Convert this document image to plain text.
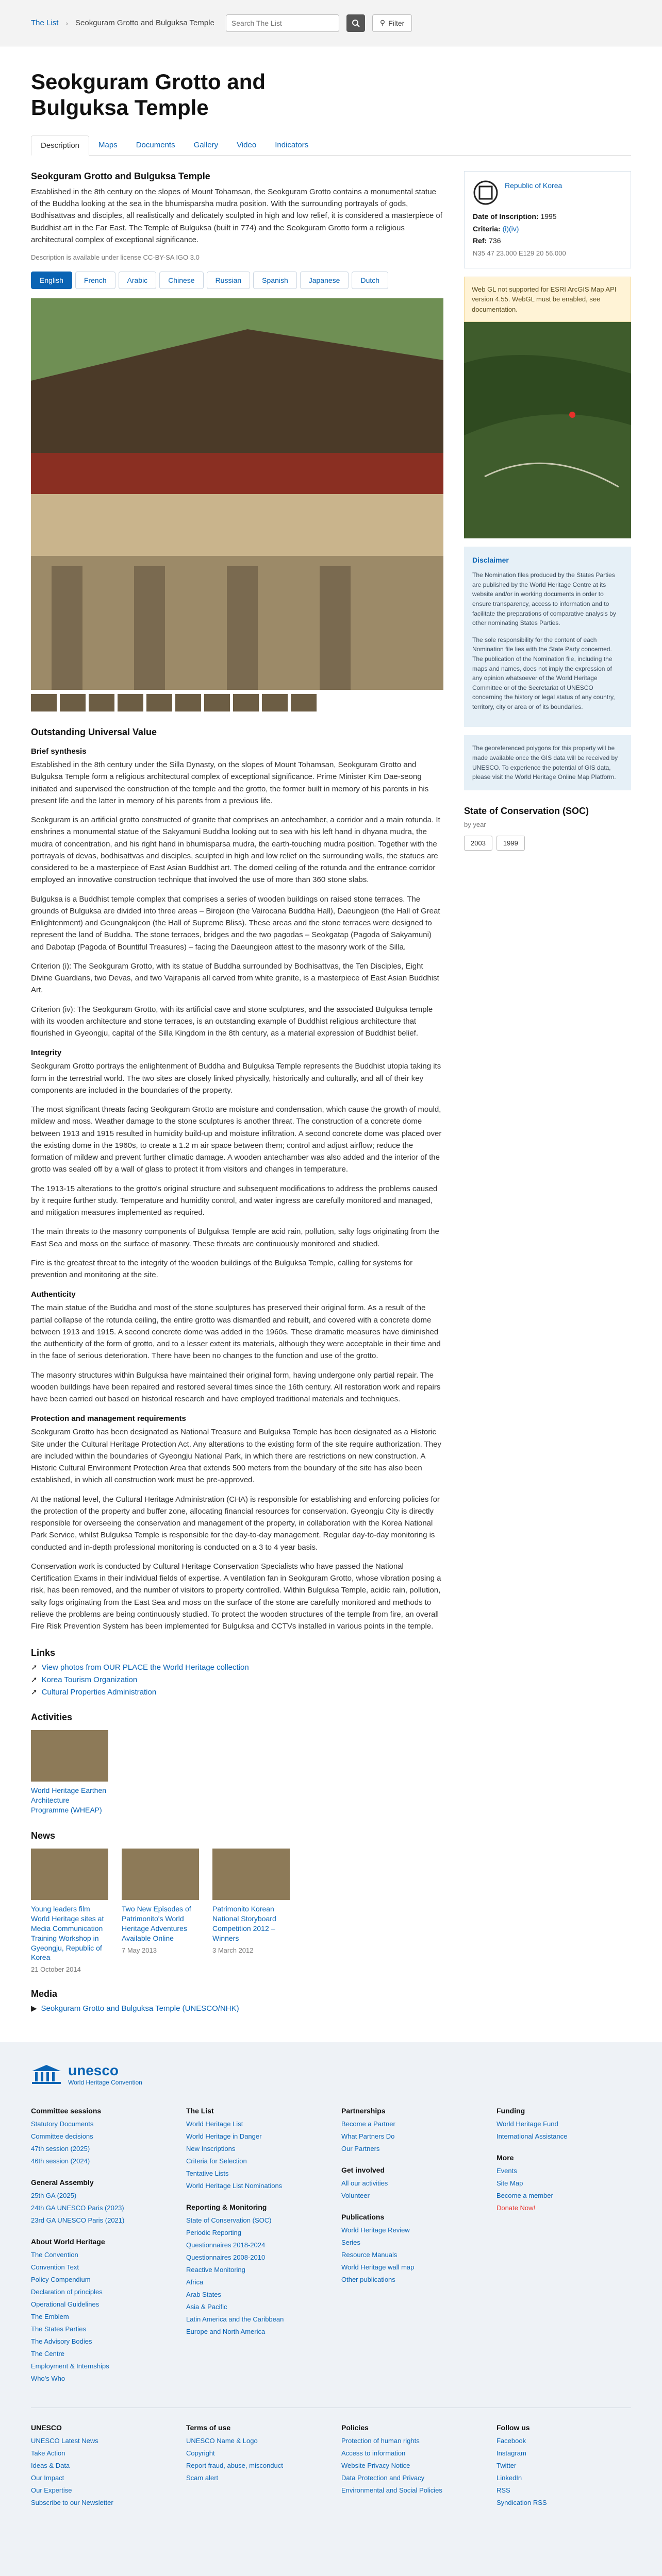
The List › Seokguram Grotto and Bulguksa Temple Search The List	⚲ Filter
Seokguram Grotto and Bulguksa Temple
Description	Maps	Documents	Gallery	Video	Indicators
Seokguram Grotto and Bulguksa Temple

Established in the 8th century on the slopes of Mount Tohamsan, the Seokguram Grotto contains a monumental statue of the Buddha looking at the sea in the bhumisparsha mudra position. With the surrounding portrayals of gods, Bodhisattvas and disciples, all realistically and delicately sculpted in high and low relief, it is considered a masterpiece of Buddhist art in the Far East. The Temple of Bulguksa (built in 774) and the Seokguram Grotto form a religious architectural complex of exceptional significance.

Description is available under license CC-BY-SA IGO 3.0
English	French	Arabic	Chinese	Russian	Spanish	Japanese	Dutch
Outstanding Universal Value
Brief synthesis

Established in the 8th century under the Silla Dynasty, on the slopes of Mount Tohamsan, Seokguram Grotto and Bulguksa Temple form a religious architectural complex of exceptional significance. Prime Minister Kim Dae-seong initiated and supervised the construction of the temple and the grotto, the former built in memory of his parents in his present life and the latter in memory of his parents from a previous life.

Seokguram is an artificial grotto constructed of granite that comprises an antechamber, a corridor and a main rotunda. It enshrines a monumental statue of the Sakyamuni Buddha looking out to sea with his left hand in dhyana mudra, the mudra of concentration, and his right hand in bhumisparsa mudra, the earth-touching mudra position. Together with the portrayals of devas, bodhisattvas and disciples, sculpted in high and low relief on the surrounding walls, the statues are considered to be a masterpiece of East Asian Buddhist art. The domed ceiling of the rotunda and the entrance corridor employed an innovative construction technique that involved the use of more than 360 stone slabs.

Bulguksa is a Buddhist temple complex that comprises a series of wooden buildings on raised stone terraces. The grounds of Bulguksa are divided into three areas – Birojeon (the Vairocana Buddha Hall), Daeungjeon (the Hall of Great Enlightenment) and Geungnakjeon (the Hall of Supreme Bliss). These areas and the stone terraces were designed to represent the land of Buddha. The stone terraces, bridges and the two pagodas – Seokgatap (Pagoda of Sakyamuni) and Dabotap (Pagoda of Bountiful Treasures) – facing the Daeungjeon attest to the masonry work of the Silla.

Criterion (i): The Seokguram Grotto, with its statue of Buddha surrounded by Bodhisattvas, the Ten Disciples, Eight Divine Guardians, two Devas, and two Vajrapanis all carved from white granite, is a masterpiece of East Asian Buddhist Art.

Criterion (iv): The Seokguram Grotto, with its artificial cave and stone sculptures, and the associated Bulguksa temple with its wooden architecture and stone terraces, is an outstanding example of Buddhist religious architecture that flourished in Gyeongju, capital of the Silla Kingdom in the 8th century, as a material expression of Buddhist belief.

Integrity

Seokguram Grotto portrays the enlightenment of Buddha and Bulguksa Temple represents the Buddhist utopia taking its form in the terrestrial world. The two sites are closely linked physically, historically and culturally, and all of their key components are included in the boundaries of the property.

The most significant threats facing Seokguram Grotto are moisture and condensation, which cause the growth of mould, mildew and moss. Weather damage to the stone sculptures is another threat. The construction of a concrete dome between 1913 and 1915 resulted in humidity build-up and moisture infiltration. A second concrete dome was placed over the existing dome in the 1960s, to create a 1.2 m air space between them; control and adjust airflow; reduce the formation of mildew and prevent further climatic damage. A wooden antechamber was also added and the interior of the grotto was sealed off by a wall of glass to protect it from visitors and changes in temperature.

The 1913-15 alterations to the grotto's original structure and subsequent modifications to address the problems caused by it require further study. Temperature and humidity control, and water ingress are carefully monitored and managed, and mitigation measures implemented as required.

The main threats to the masonry components of Bulguksa Temple are acid rain, pollution, salty fogs originating from the East Sea and moss on the surface of masonry. These threats are continuously monitored and studied.

Fire is the greatest threat to the integrity of the wooden buildings of the Bulguksa Temple, calling for systems for prevention and monitoring at the site.

Authenticity

The main statue of the Buddha and most of the stone sculptures has preserved their original form. As a result of the partial collapse of the rotunda ceiling, the entire grotto was dismantled and rebuilt, and covered with a concrete dome between 1913 and 1915. A second concrete dome was added in the 1960s. These dramatic measures have diminished the authenticity of the form of grotto, and to a lesser extent its materials, although they were acceptable in their time and in the face of serious deterioration. There have been no changes to the function and use of the grotto.

The masonry structures within Bulguksa have maintained their original form, having undergone only partial repair. The wooden buildings have been repaired and restored several times since the 16th century. All restoration work and repairs have been carried out based on historical research and have employed traditional materials and techniques.

Protection and management requirements

Seokguram Grotto has been designated as National Treasure and Bulguksa Temple has been designated as a Historic Site under the Cultural Heritage Protection Act. Any alterations to the existing form of the site require authorization. They are included within the boundaries of Gyeongju National Park, in which there are restrictions on new construction. A Historic Cultural Environment Protection Area that extends 500 meters from the boundary of the site has also been established, in which all construction work must be pre-approved.

At the national level, the Cultural Heritage Administration (CHA) is responsible for establishing and enforcing policies for the protection of the property and buffer zone, allocating financial resources for conservation. Gyeongju City is directly responsible for overseeing the conservation and management of the property, in collaboration with the Korea National Park Service, whilst Bulguksa Temple is responsible for the day-to-day management. Regular day-to-day monitoring is conducted and in-depth professional monitoring is conducted on a 3 to 4 year basis.

Conservation work is conducted by Cultural Heritage Conservation Specialists who have passed the National Certification Exams in their individual fields of expertise. A ventilation fan in Seokguram Grotto, whose vibration posing a risk, has been removed, and the number of visitors to property controlled. Within Bulguksa Temple, acidic rain, pollution, salty fogs originating from the East Sea and moss on the surface of the stone are carefully monitored and methods to relieve the problems are being continuously studied. To protect the wooden structures of the temple from fire, an overall Fire Risk Prevention System has been implemented for Bulguksa and CCTVs installed in various points in the temple.

Links
➚ View photos from OUR PLACE the World Heritage collection
➚ Korea Tourism Organization
➚ Cultural Properties Administration
Activities
World Heritage Earthen Architecture Programme (WHEAP)
News
Young leaders film World Heritage sites at Media Communication Training Workshop in Gyeongju, Republic of Korea
21 October 2014
Two New Episodes of Patrimonito's World Heritage Adventures Available Online
7 May 2013
Patrimonito Korean National Storyboard Competition 2012 – Winners
3 March 2012
Media
▶ Seokguram Grotto and Bulguksa Temple (UNESCO/NHK)
Republic of Korea
Date of Inscription: 1995
Criteria: (i)(iv)
Ref: 736
N35 47 23.000 E129 20 56.000
Web GL not supported for ESRI ArcGIS Map API version 4.55. WebGL must be enabled, see documentation.
Disclaimer

The Nomination files produced by the States Parties are published by the World Heritage Centre at its website and/or in working documents in order to ensure transparency, access to information and to facilitate the preparations of comparative analysis by other nominating States Parties.

The sole responsibility for the content of each Nomination file lies with the State Party concerned. The publication of the Nomination file, including the maps and names, does not imply the expression of any opinion whatsoever of the World Heritage Committee or of the Secretariat of UNESCO concerning the history or legal status of any country, territory, city or area or of its boundaries.

The georeferenced polygons for this property will be made available once the GIS data will be received by UNESCO. To experience the potential of GIS data, please visit the World Heritage Online Map Platform.
State of Conservation (SOC)
by year
2003	1999
unesco
World Heritage Convention
Committee sessions
Statutory Documents
Committee decisions
47th session (2025)
46th session (2024)
General Assembly
25th GA (2025)
24th GA UNESCO Paris (2023)
23rd GA UNESCO Paris (2021)
About World Heritage
The Convention
Convention Text
Policy Compendium
Declaration of principles
Operational Guidelines
The Emblem
The States Parties
The Advisory Bodies
The Centre
Employment & Internships
Who's Who
The List
World Heritage List
World Heritage in Danger
New Inscriptions
Criteria for Selection
Tentative Lists
World Heritage List Nominations
Reporting & Monitoring
State of Conservation (SOC)
Periodic Reporting
Questionnaires 2018-2024
Questionnaires 2008-2010
Reactive Monitoring
Africa
Arab States
Asia & Pacific
Latin America and the Caribbean
Europe and North America
Partnerships
Become a Partner
What Partners Do
Our Partners
Get involved
All our activities
Volunteer
Publications
World Heritage Review
Series
Resource Manuals
World Heritage wall map
Other publications
Funding
World Heritage Fund
International Assistance
More
Events
Site Map
Become a member
Donate Now!
UNESCO
UNESCO Latest News
Take Action
Ideas & Data
Our Impact
Our Expertise
Subscribe to our Newsletter
Terms of use
UNESCO Name & Logo
Copyright
Report fraud, abuse, misconduct
Scam alert
Policies
Protection of human rights
Access to information
Website Privacy Notice
Data Protection and Privacy
Environmental and Social Policies
Follow us
Facebook
Instagram
Twitter
LinkedIn
RSS
Syndication RSS
